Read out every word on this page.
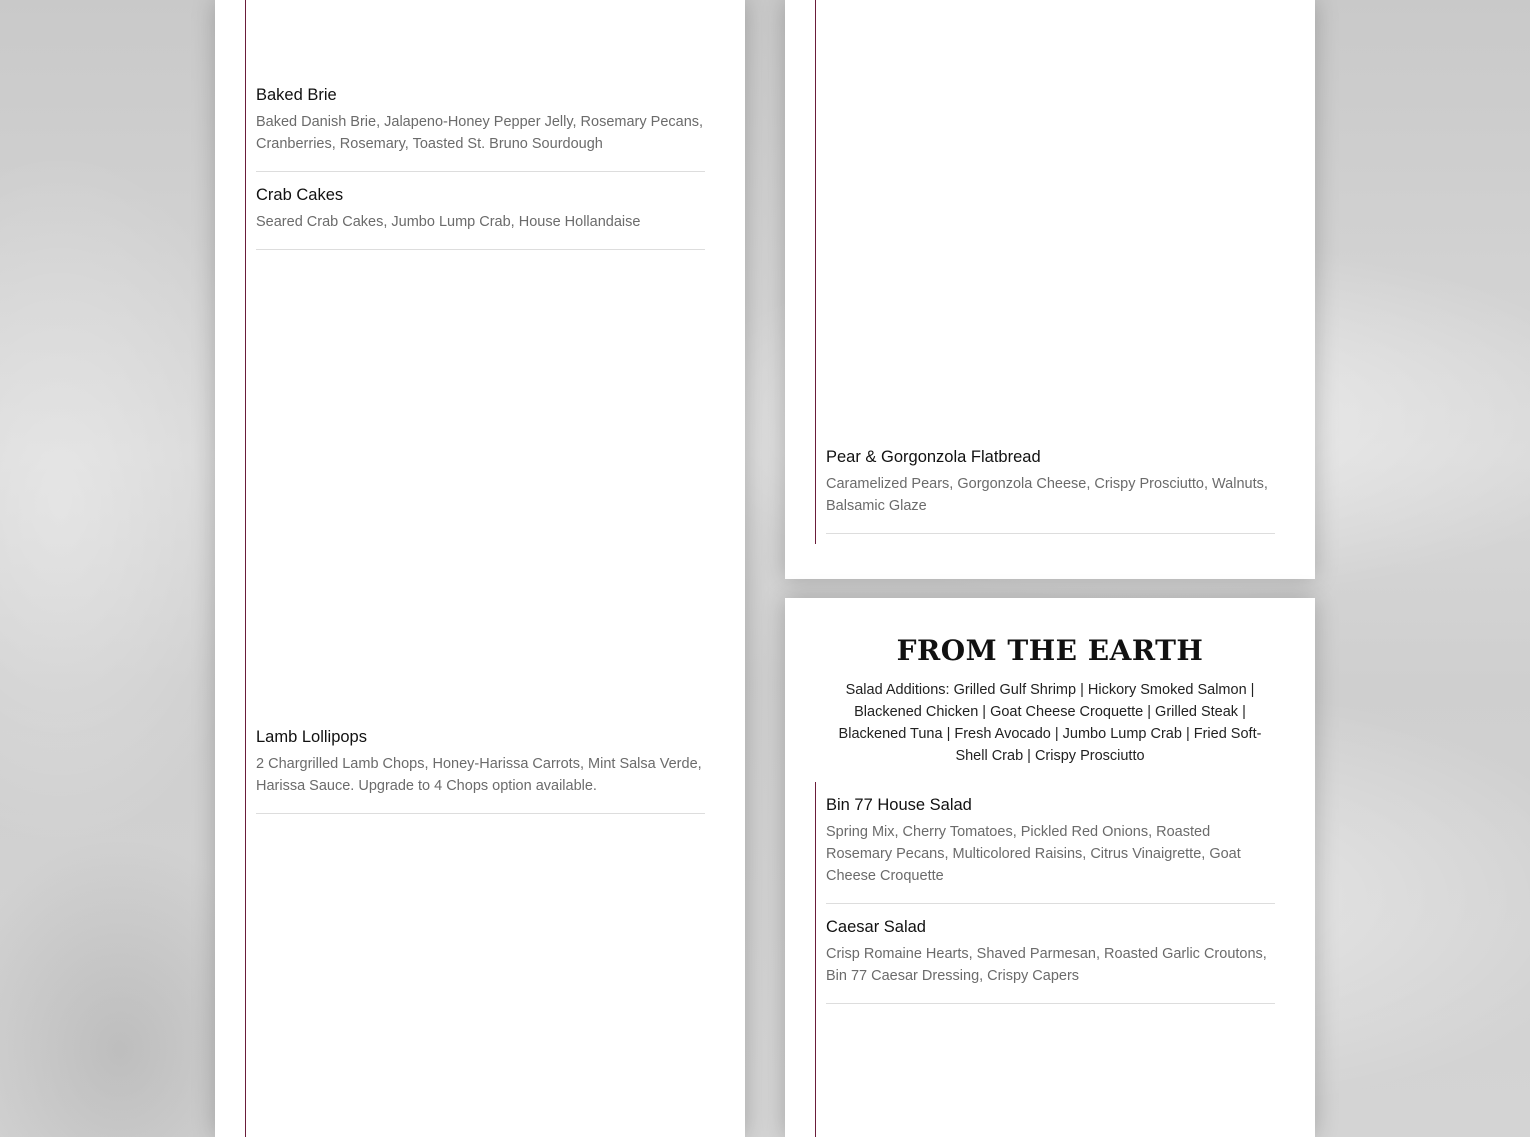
Baked Brie

Baked Danish Brie, Jalapeno-Honey Pepper Jelly, Rosemary Pecans, Cranberries, Rosemary, Toasted St. Bruno Sourdough

Crab Cakes

Seared Crab Cakes, Jumbo Lump Crab, House Hollandaise

Lamb Lollipops

2 Chargrilled Lamb Chops, Honey-Harissa Carrots, Mint Salsa Verde, Harissa Sauce. Upgrade to 4 Chops option available.

Pear & Gorgonzola Flatbread

Caramelized Pears, Gorgonzola Cheese, Crispy Prosciutto, Walnuts, Balsamic Glaze

FROM THE EARTH

Salad Additions: Grilled Gulf Shrimp | Hickory Smoked Salmon | Blackened Chicken | Goat Cheese Croquette | Grilled Steak | Blackened Tuna | Fresh Avocado | Jumbo Lump Crab | Fried Soft-Shell Crab | Crispy Prosciutto

Bin 77 House Salad

Spring Mix, Cherry Tomatoes, Pickled Red Onions, Roasted Rosemary Pecans, Multicolored Raisins, Citrus Vinaigrette, Goat Cheese Croquette

Caesar Salad

Crisp Romaine Hearts, Shaved Parmesan, Roasted Garlic Croutons, Bin 77 Caesar Dressing, Crispy Capers
